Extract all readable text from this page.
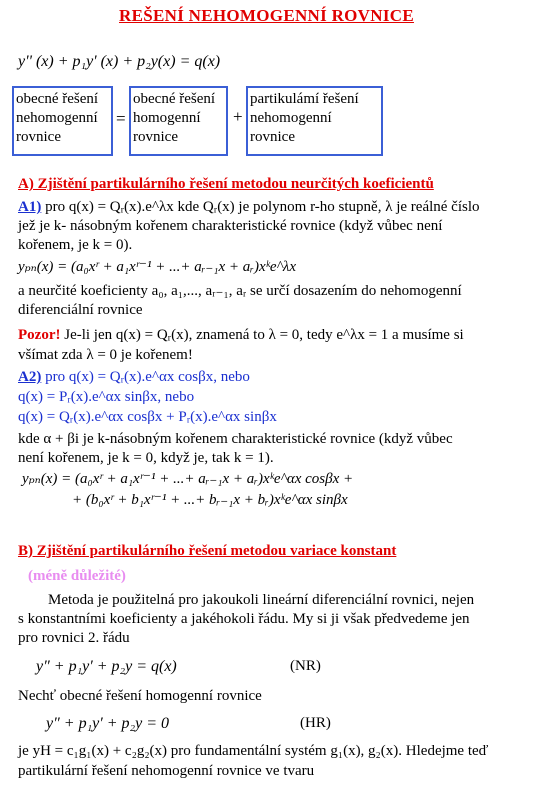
REŠENÍ NEHOMOGENNÍ ROVNICE
y'' (x) + p₁y' (x) + p₂y(x) = q(x)
obecné řešení
nehomogenní
rovnice
=
obecné řešení
homogenní
rovnice
+
partikulámí řešení
nehomogenní
rovnice
A) Zjištění partikulárního řešení metodou neurčitých koeficientů
A1) pro q(x) = Qᵣ(x).e^λx kde Qᵣ(x) je polynom r-ho stupně, λ je reálné číslo
jež je k- násobným kořenem charakteristické rovnice (když vůbec není
kořenem, je k = 0).
yₚₙ(x) = (a₀xʳ + a₁xʳ⁻¹ + ...+ aᵣ₋₁x + aᵣ)xᵏe^λx
a neurčité koeficienty a₀, a₁,..., aᵣ₋₁, aᵣ se určí dosazením do nehomogenní
diferenciální rovnice
Pozor! Je-li jen q(x) = Qᵣ(x), znamená to λ = 0, tedy e^λx = 1 a musíme si
všímat zda λ = 0 je kořenem!
A2) pro q(x) = Qᵣ(x).e^αx cosβx, nebo
q(x) = Pᵣ(x).e^αx sinβx, nebo
q(x) = Qᵣ(x).e^αx cosβx + Pᵣ(x).e^αx sinβx
kde α + βi je k-násobným kořenem charakteristické rovnice (když vůbec
není kořenem, je k = 0, když je, tak k = 1).
yₚₙ(x) = (a₀xʳ + a₁xʳ⁻¹ + ...+ aᵣ₋₁x + aᵣ)xᵏe^αx cosβx +
+ (b₀xʳ + b₁xʳ⁻¹ + ...+ bᵣ₋₁x + bᵣ)xᵏe^αx sinβx
B) Zjištění partikulárního řešení metodou variace konstant
(méně důležité)
Metoda je použitelná pro jakoukoli lineární diferenciální rovnici, nejen
s konstantními koeficienty a jakéhokoli řádu. My si ji však předvedeme jen
pro rovnici 2. řádu
y″ + p₁y′ + p₂y = q(x)	(NR)
Nechť obecné řešení homogenní rovnice
y″ + p₁y′ + p₂y = 0	(HR)
je yH = c₁g₁(x) + c₂g₂(x) pro fundamentální systém g₁(x), g₂(x). Hledejme teď
partikulární řešení nehomogenní rovnice ve tvaru
